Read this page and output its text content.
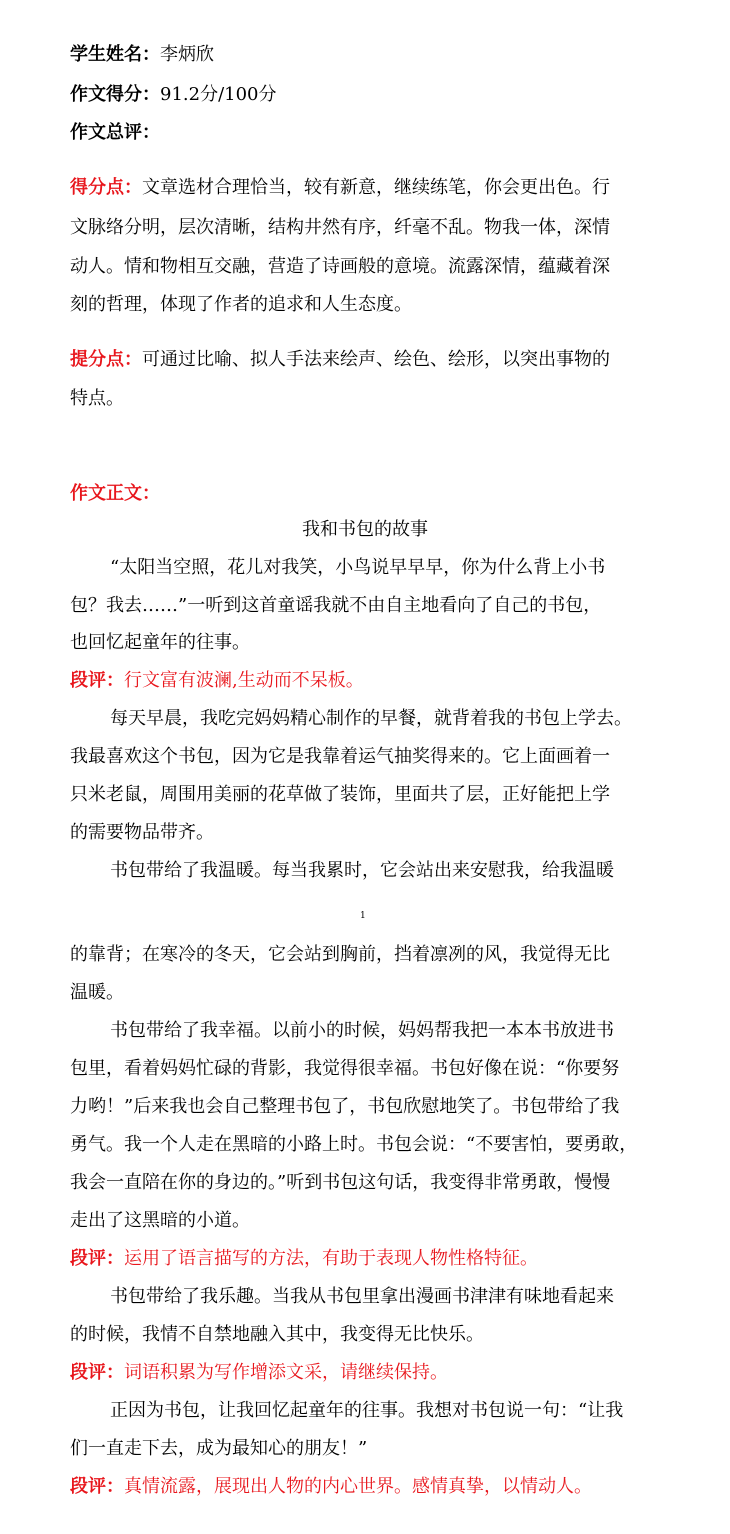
学生姓名：李炳欣
作文得分：91.2分/100分
作文总评：
得分点：文章选材合理恰当，较有新意，继续练笔，你会更出色。行
文脉络分明，层次清晰，结构井然有序，纤毫不乱。物我一体，深情
动人。情和物相互交融，营造了诗画般的意境。流露深情，蕴藏着深
刻的哲理，体现了作者的追求和人生态度。
提分点：可通过比喻、拟人手法来绘声、绘色、绘形，以突出事物的
特点。
作文正文：
我和书包的故事
“太阳当空照，花儿对我笑，小鸟说早早早，你为什么背上小书
包？我去……”一听到这首童谣我就不由自主地看向了自己的书包，
也回忆起童年的往事。
段评：行文富有波澜,生动而不呆板。
每天早晨，我吃完妈妈精心制作的早餐，就背着我的书包上学去。
我最喜欢这个书包，因为它是我靠着运气抽奖得来的。它上面画着一
只米老鼠，周围用美丽的花草做了装饰，里面共了层，正好能把上学
的需要物品带齐。
书包带给了我温暖。每当我累时，它会站出来安慰我，给我温暖
1
的靠背；在寒冷的冬天，它会站到胸前，挡着凛冽的风，我觉得无比
温暖。
书包带给了我幸福。以前小的时候，妈妈帮我把一本本书放进书
包里，看着妈妈忙碌的背影，我觉得很幸福。书包好像在说：“你要努
力哟！”后来我也会自己整理书包了，书包欣慰地笑了。书包带给了我
勇气。我一个人走在黑暗的小路上时。书包会说：“不要害怕，要勇敢，
我会一直陪在你的身边的。”听到书包这句话，我变得非常勇敢，慢慢
走出了这黑暗的小道。
段评：运用了语言描写的方法，有助于表现人物性格特征。
书包带给了我乐趣。当我从书包里拿出漫画书津津有味地看起来
的时候，我情不自禁地融入其中，我变得无比快乐。
段评：词语积累为写作增添文采，请继续保持。
正因为书包，让我回忆起童年的往事。我想对书包说一句：“让我
们一直走下去，成为最知心的朋友！”
段评：真情流露，展现出人物的内心世界。感情真挚，以情动人。
